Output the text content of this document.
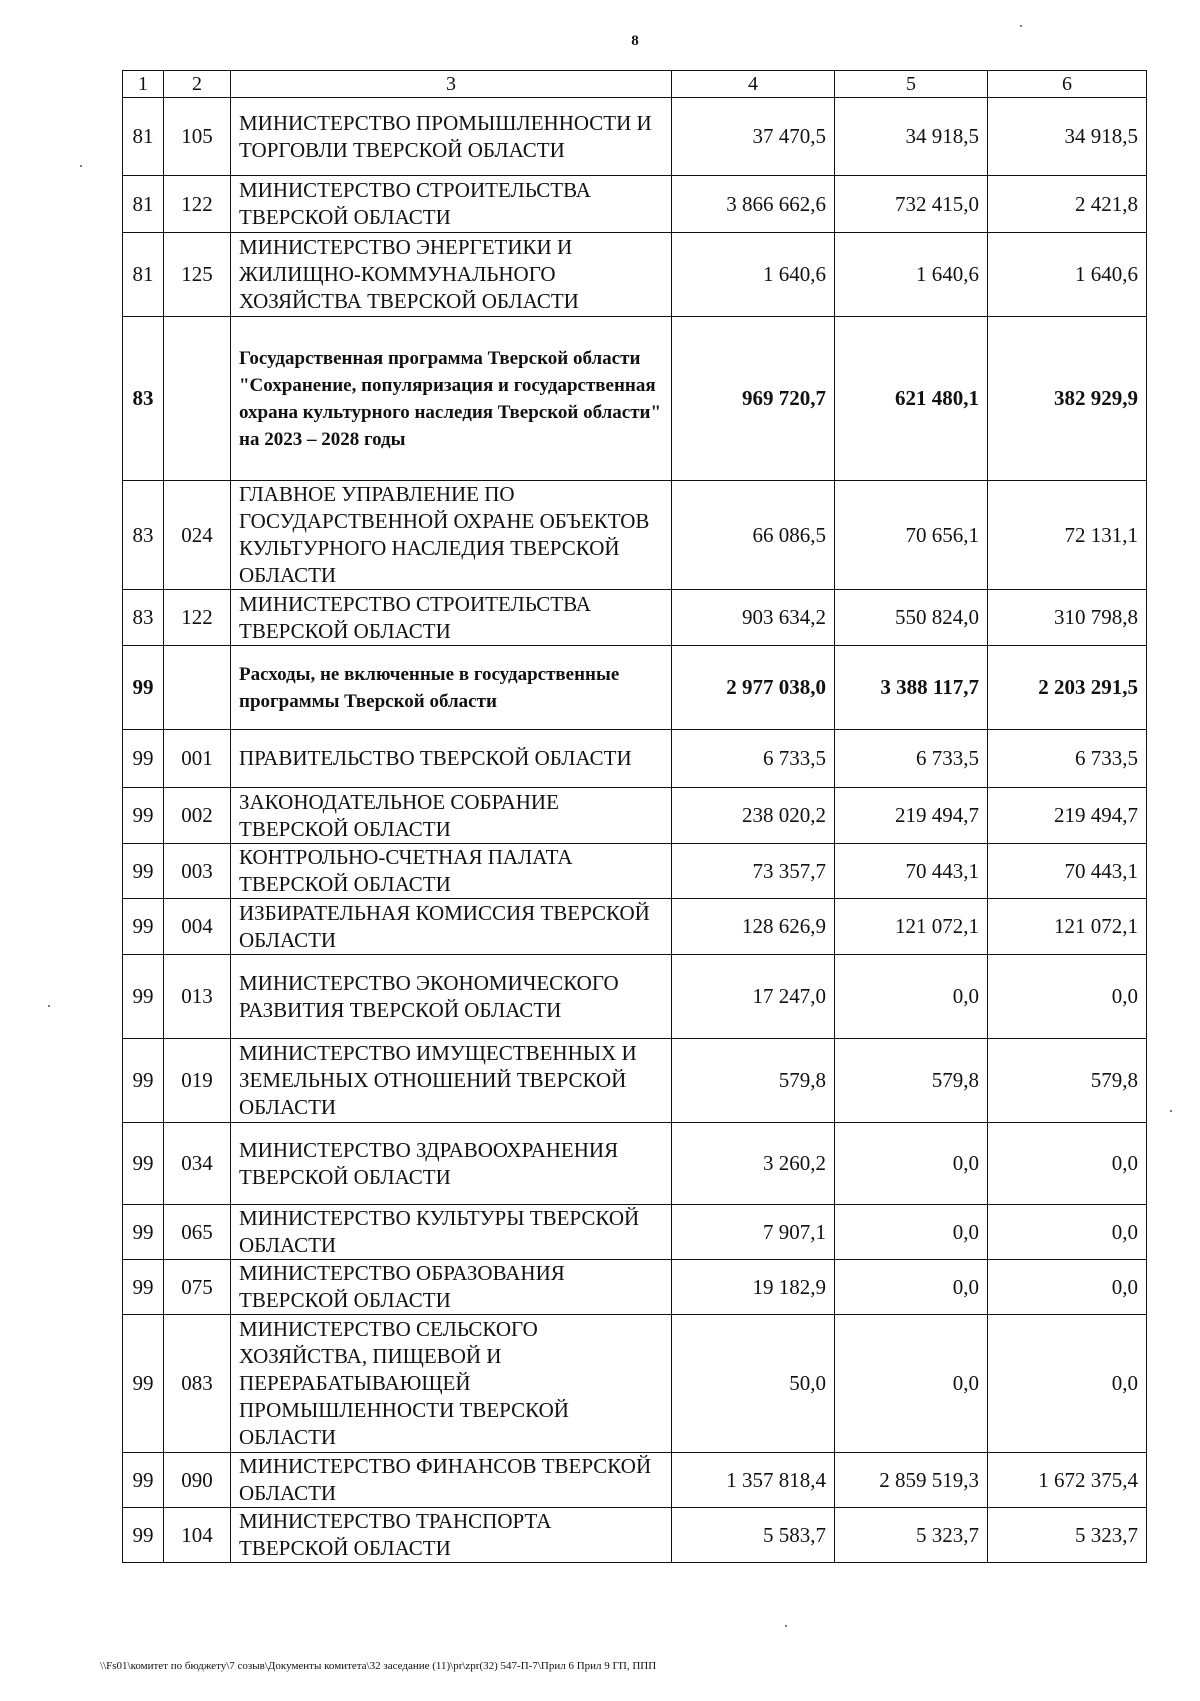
8
1	2	3	4	5	6
81	105	МИНИСТЕРСТВО ПРОМЫШЛЕННОСТИ И ТОРГОВЛИ ТВЕРСКОЙ ОБЛАСТИ	37 470,5	34 918,5	34 918,5
81	122	МИНИСТЕРСТВО СТРОИТЕЛЬСТВА ТВЕРСКОЙ ОБЛАСТИ	3 866 662,6	732 415,0	2 421,8
81	125	МИНИСТЕРСТВО ЭНЕРГЕТИКИ И ЖИЛИЩНО-КОММУНАЛЬНОГО ХОЗЯЙСТВА ТВЕРСКОЙ ОБЛАСТИ	1 640,6	1 640,6	1 640,6
83		Государственная программа Тверской области "Сохранение, популяризация и государственная охрана культурного наследия Тверской области" на 2023 – 2028 годы	969 720,7	621 480,1	382 929,9
83	024	ГЛАВНОЕ УПРАВЛЕНИЕ ПО ГОСУДАРСТВЕННОЙ ОХРАНЕ ОБЪЕКТОВ КУЛЬТУРНОГО НАСЛЕДИЯ ТВЕРСКОЙ ОБЛАСТИ	66 086,5	70 656,1	72 131,1
83	122	МИНИСТЕРСТВО СТРОИТЕЛЬСТВА ТВЕРСКОЙ ОБЛАСТИ	903 634,2	550 824,0	310 798,8
99		Расходы, не включенные в государственные программы Тверской области	2 977 038,0	3 388 117,7	2 203 291,5
99	001	ПРАВИТЕЛЬСТВО ТВЕРСКОЙ ОБЛАСТИ	6 733,5	6 733,5	6 733,5
99	002	ЗАКОНОДАТЕЛЬНОЕ СОБРАНИЕ ТВЕРСКОЙ ОБЛАСТИ	238 020,2	219 494,7	219 494,7
99	003	КОНТРОЛЬНО-СЧЕТНАЯ ПАЛАТА ТВЕРСКОЙ ОБЛАСТИ	73 357,7	70 443,1	70 443,1
99	004	ИЗБИРАТЕЛЬНАЯ КОМИССИЯ ТВЕРСКОЙ ОБЛАСТИ	128 626,9	121 072,1	121 072,1
99	013	МИНИСТЕРСТВО ЭКОНОМИЧЕСКОГО РАЗВИТИЯ ТВЕРСКОЙ ОБЛАСТИ	17 247,0	0,0	0,0
99	019	МИНИСТЕРСТВО ИМУЩЕСТВЕННЫХ И ЗЕМЕЛЬНЫХ ОТНОШЕНИЙ ТВЕРСКОЙ ОБЛАСТИ	579,8	579,8	579,8
99	034	МИНИСТЕРСТВО ЗДРАВООХРАНЕНИЯ ТВЕРСКОЙ ОБЛАСТИ	3 260,2	0,0	0,0
99	065	МИНИСТЕРСТВО КУЛЬТУРЫ ТВЕРСКОЙ ОБЛАСТИ	7 907,1	0,0	0,0
99	075	МИНИСТЕРСТВО ОБРАЗОВАНИЯ ТВЕРСКОЙ ОБЛАСТИ	19 182,9	0,0	0,0
99	083	МИНИСТЕРСТВО СЕЛЬСКОГО ХОЗЯЙСТВА, ПИЩЕВОЙ И ПЕРЕРАБАТЫВАЮЩЕЙ ПРОМЫШЛЕННОСТИ ТВЕРСКОЙ ОБЛАСТИ	50,0	0,0	0,0
99	090	МИНИСТЕРСТВО ФИНАНСОВ ТВЕРСКОЙ ОБЛАСТИ	1 357 818,4	2 859 519,3	1 672 375,4
99	104	МИНИСТЕРСТВО ТРАНСПОРТА ТВЕРСКОЙ ОБЛАСТИ	5 583,7	5 323,7	5 323,7
\\Fs01\комитет по бюджету\7 созыв\Документы комитета\32 заседание (11)\pr\zpr(32) 547-П-7\Прил 6 Прил 9 ГП, ППП
